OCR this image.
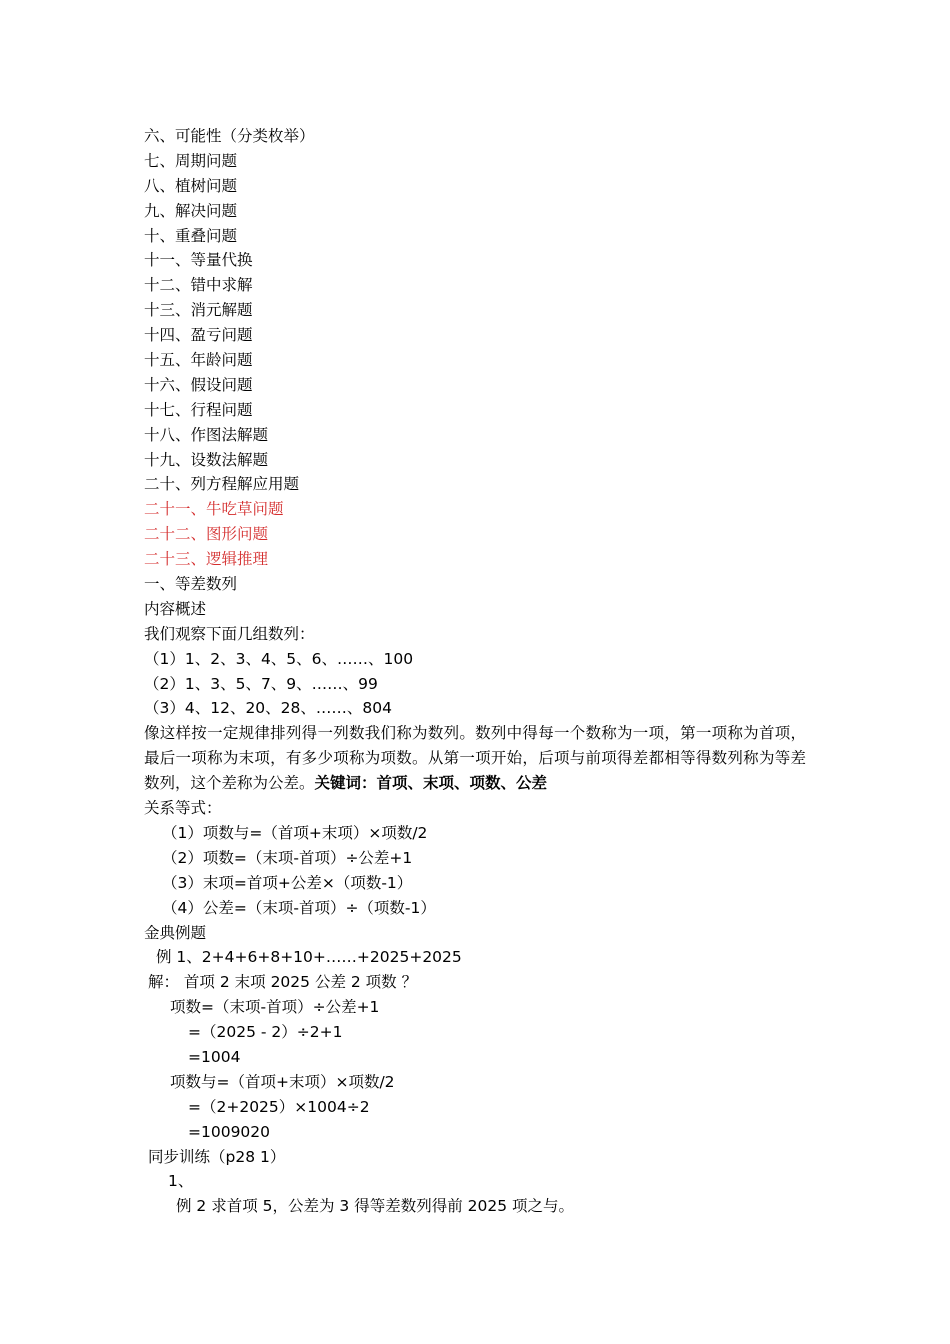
六、可能性（分类枚举）
七、周期问题
八、植树问题
九、解决问题
十、重叠问题
十一、等量代换
十二、错中求解
十三、消元解题
十四、盈亏问题
十五、年龄问题
十六、假设问题
十七、行程问题
十八、作图法解题
十九、设数法解题
二十、列方程解应用题
二十一、牛吃草问题
二十二、图形问题
二十三、逻辑推理
一、等差数列
内容概述
我们观察下面几组数列：
（1）1、2、3、4、5、6、……、100
（2）1、3、5、7、9、……、99
（3）4、12、20、28、……、804
像这样按一定规律排列得一列数我们称为数列。数列中得每一个数称为一项，第一项称为首项，最后一项称为末项，有多少项称为项数。从第一项开始，后项与前项得差都相等得数列称为等差数列，这个差称为公差。关键词：首项、末项、项数、公差
关系等式：
（1）项数与=（首项+末项）×项数/2
（2）项数=（末项-首项）÷公差+1
（3）末项=首项+公差×（项数-1）
（4）公差=（末项-首项）÷（项数-1）
金典例题
例 1、2+4+6+8+10+……+2025+2025
解： 首项 2 末项 2025 公差 2 项数 ？
项数=（末项-首项）÷公差+1
=（2025 - 2）÷2+1
=1004
项数与=（首项+末项）×项数/2
=（2+2025）×1004÷2
=1009020
同步训练（p28 1）
1、
例 2 求首项 5，公差为 3 得等差数列得前 2025 项之与。
